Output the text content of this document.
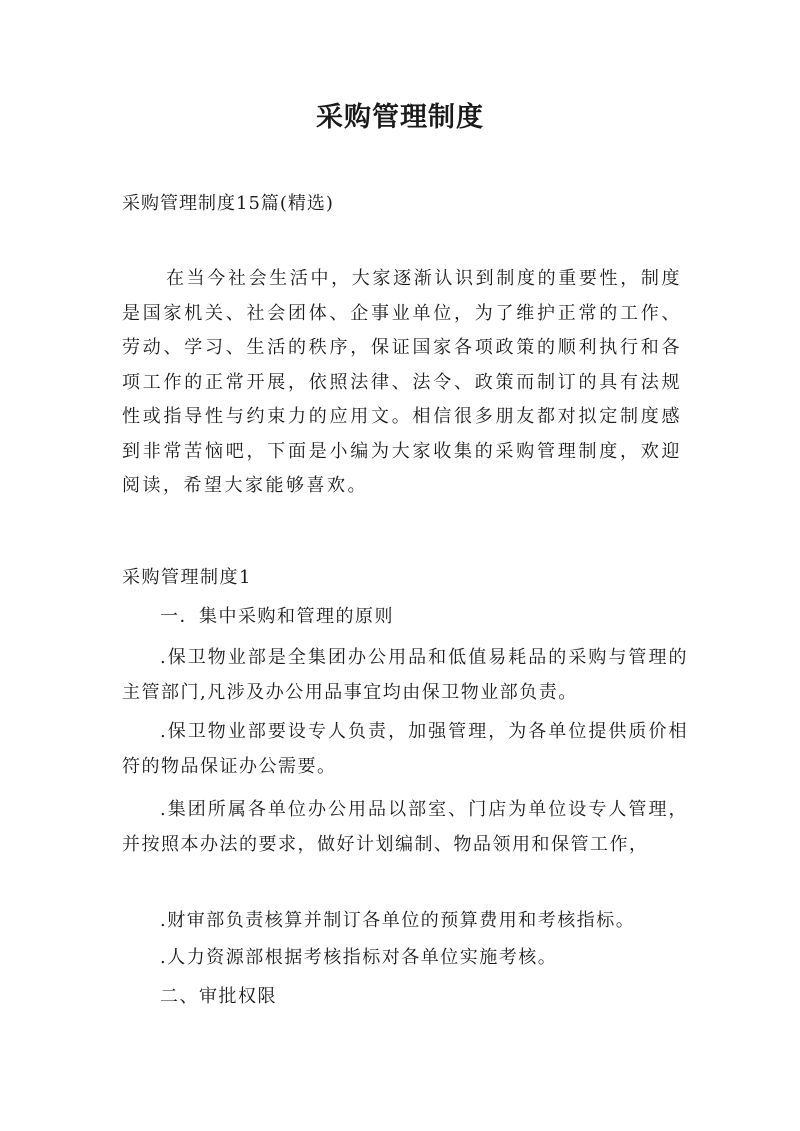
采购管理制度
采购管理制度15篇(精选)
在当今社会生活中，大家逐渐认识到制度的重要性，制度是国家机关、社会团体、企事业单位，为了维护正常的工作、劳动、学习、生活的秩序，保证国家各项政策的顺利执行和各项工作的正常开展，依照法律、法令、政策而制订的具有法规性或指导性与约束力的应用文。相信很多朋友都对拟定制度感到非常苦恼吧，下面是小编为大家收集的采购管理制度，欢迎阅读，希望大家能够喜欢。
采购管理制度1
一．集中采购和管理的原则
.保卫物业部是全集团办公用品和低值易耗品的采购与管理的主管部门,凡涉及办公用品事宜均由保卫物业部负责。
.保卫物业部要设专人负责，加强管理，为各单位提供质价相符的物品保证办公需要。
.集团所属各单位办公用品以部室、门店为单位设专人管理，并按照本办法的要求，做好计划编制、物品领用和保管工作，
.财审部负责核算并制订各单位的预算费用和考核指标。
.人力资源部根据考核指标对各单位实施考核。
二、审批权限
